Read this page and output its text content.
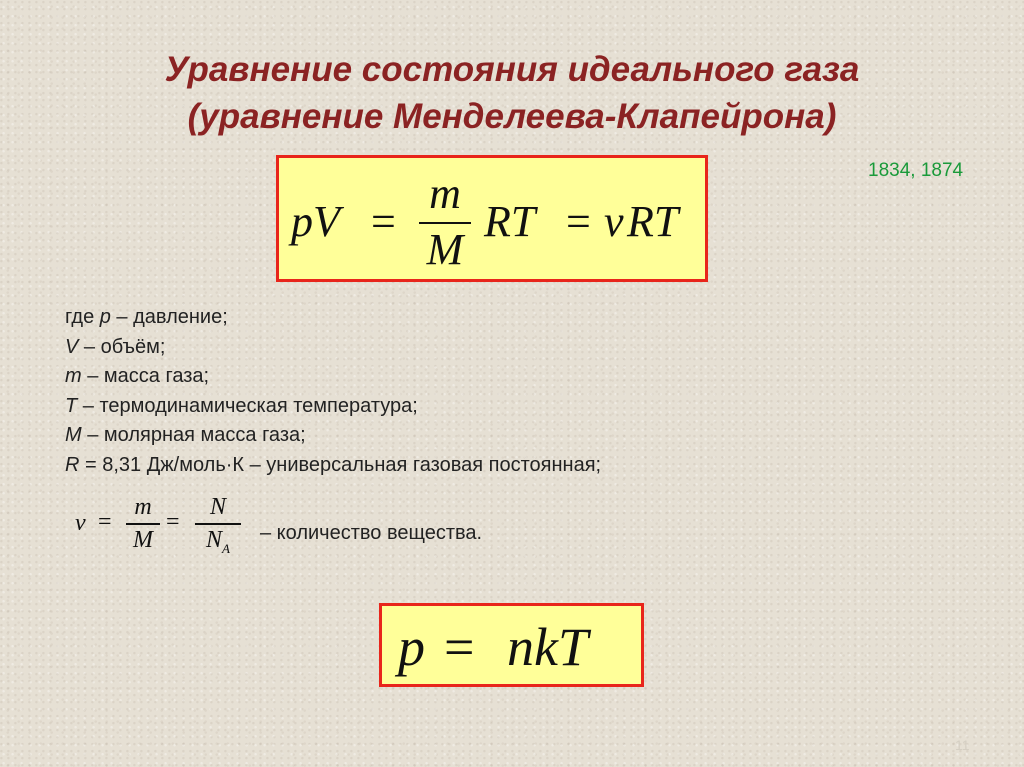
Уравнение состояния идеального газа
(уравнение Менделеева-Клапейрона)
1834, 1874
pV =
m
M
RT = ν RT
где p – давление;
V – объём;
m – масса газа;
T – термодинамическая температура;
M – молярная масса газа;
R = 8,31 Дж/моль·К – универсальная газовая постоянная;
ν =
m
M
=
N
$N_A$
– количество вещества.
p = nkT
11
